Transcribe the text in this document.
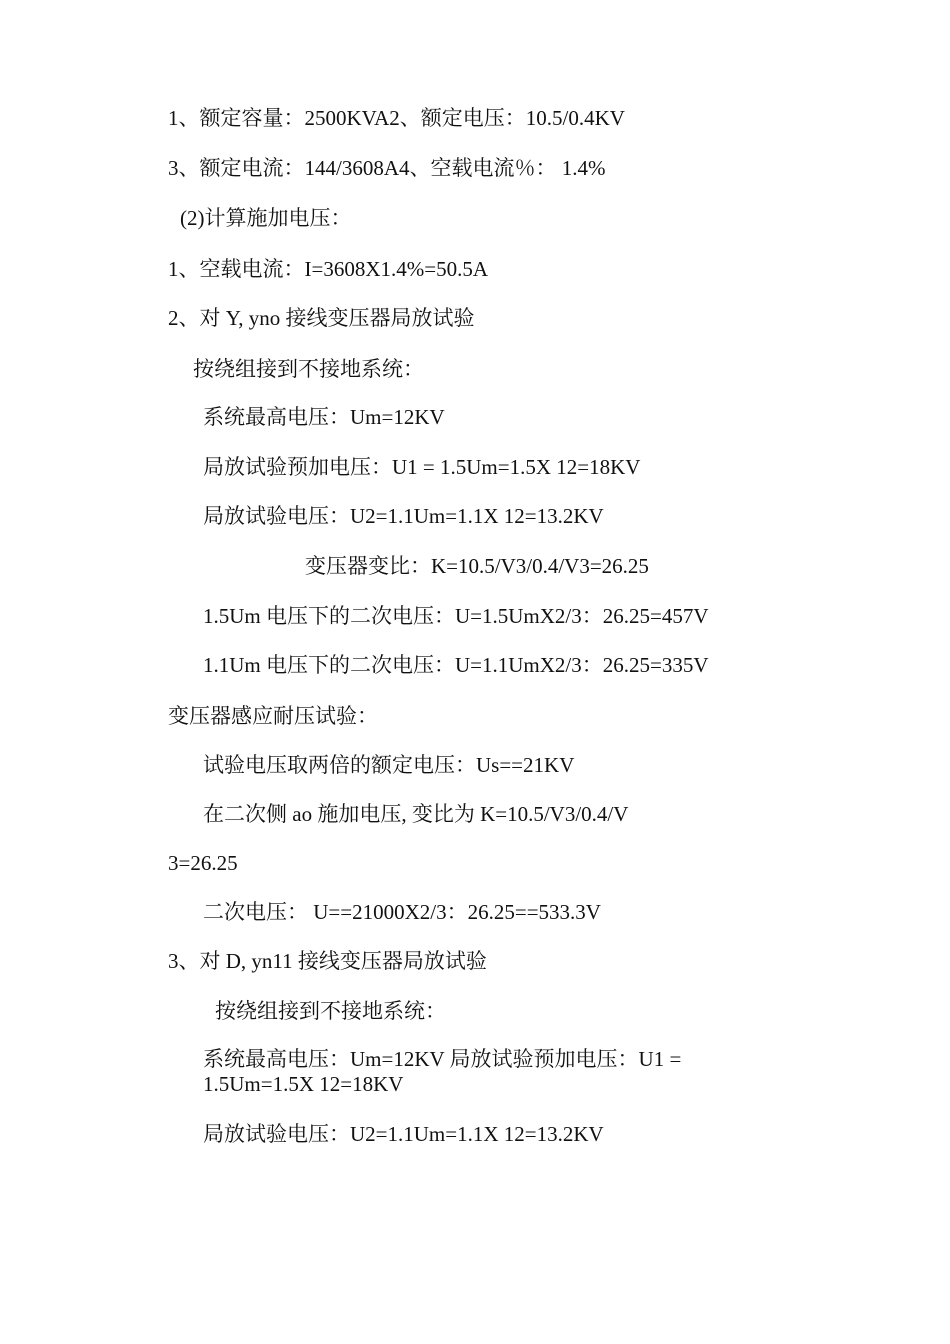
1、额定容量：2500KVA2、额定电压：10.5/0.4KV
3、额定电流：144/3608A4、空载电流％： 1.4%
(2)计算施加电压：
1、空载电流：I=3608X1.4%=50.5A
2、对 Y, yno 接线变压器局放试验
按绕组接到不接地系统：
系统最高电压：Um=12KV
局放试验预加电压：U1 = 1.5Um=1.5X 12=18KV
局放试验电压：U2=1.1Um=1.1X 12=13.2KV
变压器变比：K=10.5/V3/0.4/V3=26.25
1.5Um 电压下的二次电压：U=1.5UmX2/3：26.25=457V
1.1Um 电压下的二次电压：U=1.1UmX2/3：26.25=335V
变压器感应耐压试验：
试验电压取两倍的额定电压：Us==21KV
在二次侧 ao 施加电压, 变比为 K=10.5/V3/0.4/V
3=26.25
二次电压： U==21000X2/3：26.25==533.3V
3、对 D, yn11 接线变压器局放试验
按绕组接到不接地系统：
系统最高电压：Um=12KV 局放试验预加电压：U1 = 1.5Um=1.5X 12=18KV
局放试验电压：U2=1.1Um=1.1X 12=13.2KV
